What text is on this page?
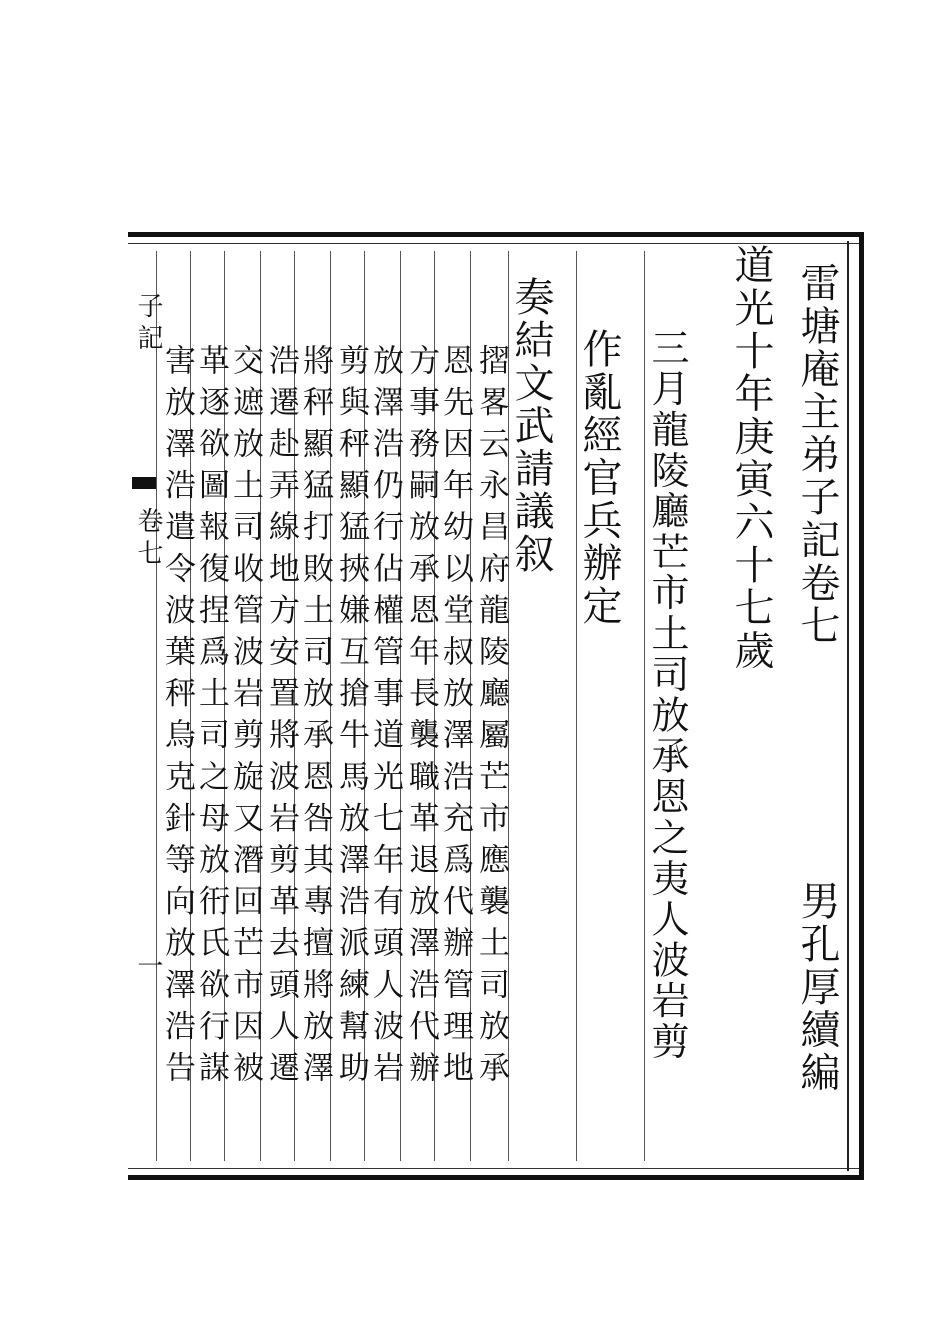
雷塘庵主弟子記卷七
男孔厚續編
道光十年庚寅六十七歲
子記
卷七
一	三月龍陵廳芒市土司放承恩之夷人波岩剪
作亂經官兵辦定
奏結文武請議叙
摺畧云永昌府龍陵廳屬芒市應襲土司放承
恩先因年幼以堂叔放澤浩充爲代辦管理地
方事務嗣放承恩年長襲職革退放澤浩代辦
放澤浩仍行佔權管事道光七年有頭人波岩
剪與秤顯猛挾嫌互搶牛馬放澤浩派練幫助
將秤顯猛打敗土司放承恩咎其專擅將放澤
浩遷赴弄線地方安置將波岩剪革去頭人遷
交遮放土司收管波岩剪旋又潛回芒市因被
革逐欲圖報復捏爲土司之母放衎氏欲行謀
害放澤浩遣令波葉秤烏克針等向放澤浩告
